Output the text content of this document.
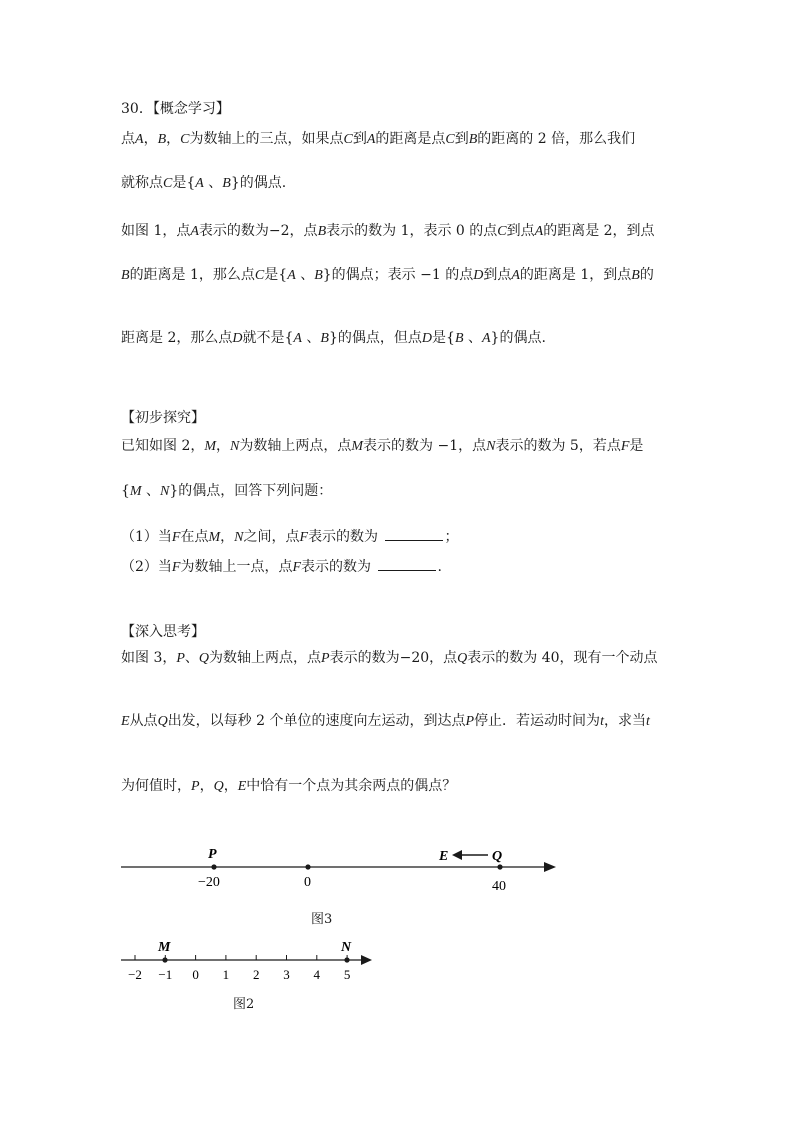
30．【概念学习】
点A，B，C为数轴上的三点，如果点C到A的距离是点C到B的距离的 2 倍，那么我们
就称点C是{A 、B}的偶点.
如图 1，点A表示的数为−2，点B表示的数为 1，表示 0 的点C到点A的距离是 2，到点
B的距离是 1，那么点C是{A 、B}的偶点；表示 −1 的点D到点A的距离是 1，到点B的
距离是 2，那么点D就不是{A 、B}的偶点，但点D是{B 、A}的偶点.
【初步探究】
已知如图 2，M，N为数轴上两点，点M表示的数为 −1，点N表示的数为 5，若点F是
{M 、N}的偶点，回答下列问题：
（1）当F在点M，N之间，点F表示的数为	；
（2）当F为数轴上一点，点F表示的数为	.
【深入思考】
如图 3，P、Q为数轴上两点，点P表示的数为−20，点Q表示的数为 40，现有一个动点
E从点Q出发，以每秒 2 个单位的速度向左运动，到达点P停止．若运动时间为t，求当t
为何值时，P，Q，E中恰有一个点为其余两点的偶点？
P	Q
E
−20	0	40
图3
−2 −1 0 1 2 3 4 5
M	N
图2
